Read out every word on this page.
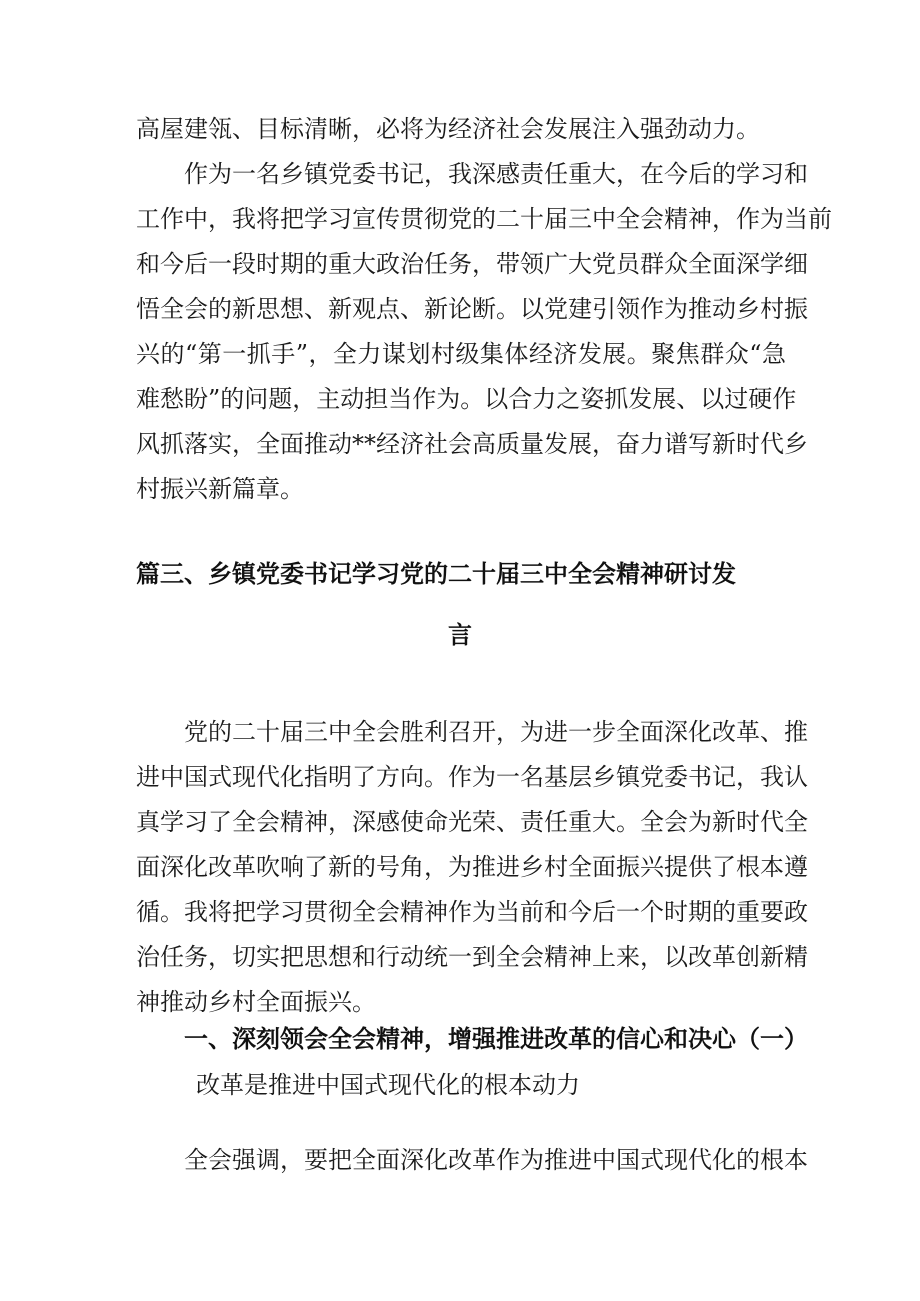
高屋建瓴、目标清晰，必将为经济社会发展注入强劲动力。

作为一名乡镇党委书记，我深感责任重大，在今后的学习和

工作中，我将把学习宣传贯彻党的二十届三中全会精神，作为当前

和今后一段时期的重大政治任务，带领广大党员群众全面深学细

悟全会的新思想、新观点、新论断。以党建引领作为推动乡村振

兴的“第一抓手”，全力谋划村级集体经济发展。聚焦群众“急

难愁盼”的问题，主动担当作为。以合力之姿抓发展、以过硬作

风抓落实，全面推动**经济社会高质量发展，奋力谱写新时代乡

村振兴新篇章。

篇三、乡镇党委书记学习党的二十届三中全会精神研讨发
言

党的二十届三中全会胜利召开，为进一步全面深化改革、推

进中国式现代化指明了方向。作为一名基层乡镇党委书记，我认

真学习了全会精神，深感使命光荣、责任重大。全会为新时代全

面深化改革吹响了新的号角，为推进乡村全面振兴提供了根本遵

循。我将把学习贯彻全会精神作为当前和今后一个时期的重要政

治任务，切实把思想和行动统一到全会精神上来，以改革创新精

神推动乡村全面振兴。

一、深刻领会全会精神，增强推进改革的信心和决心（一）

改革是推进中国式现代化的根本动力

全会强调，要把全面深化改革作为推进中国式现代化的根本
